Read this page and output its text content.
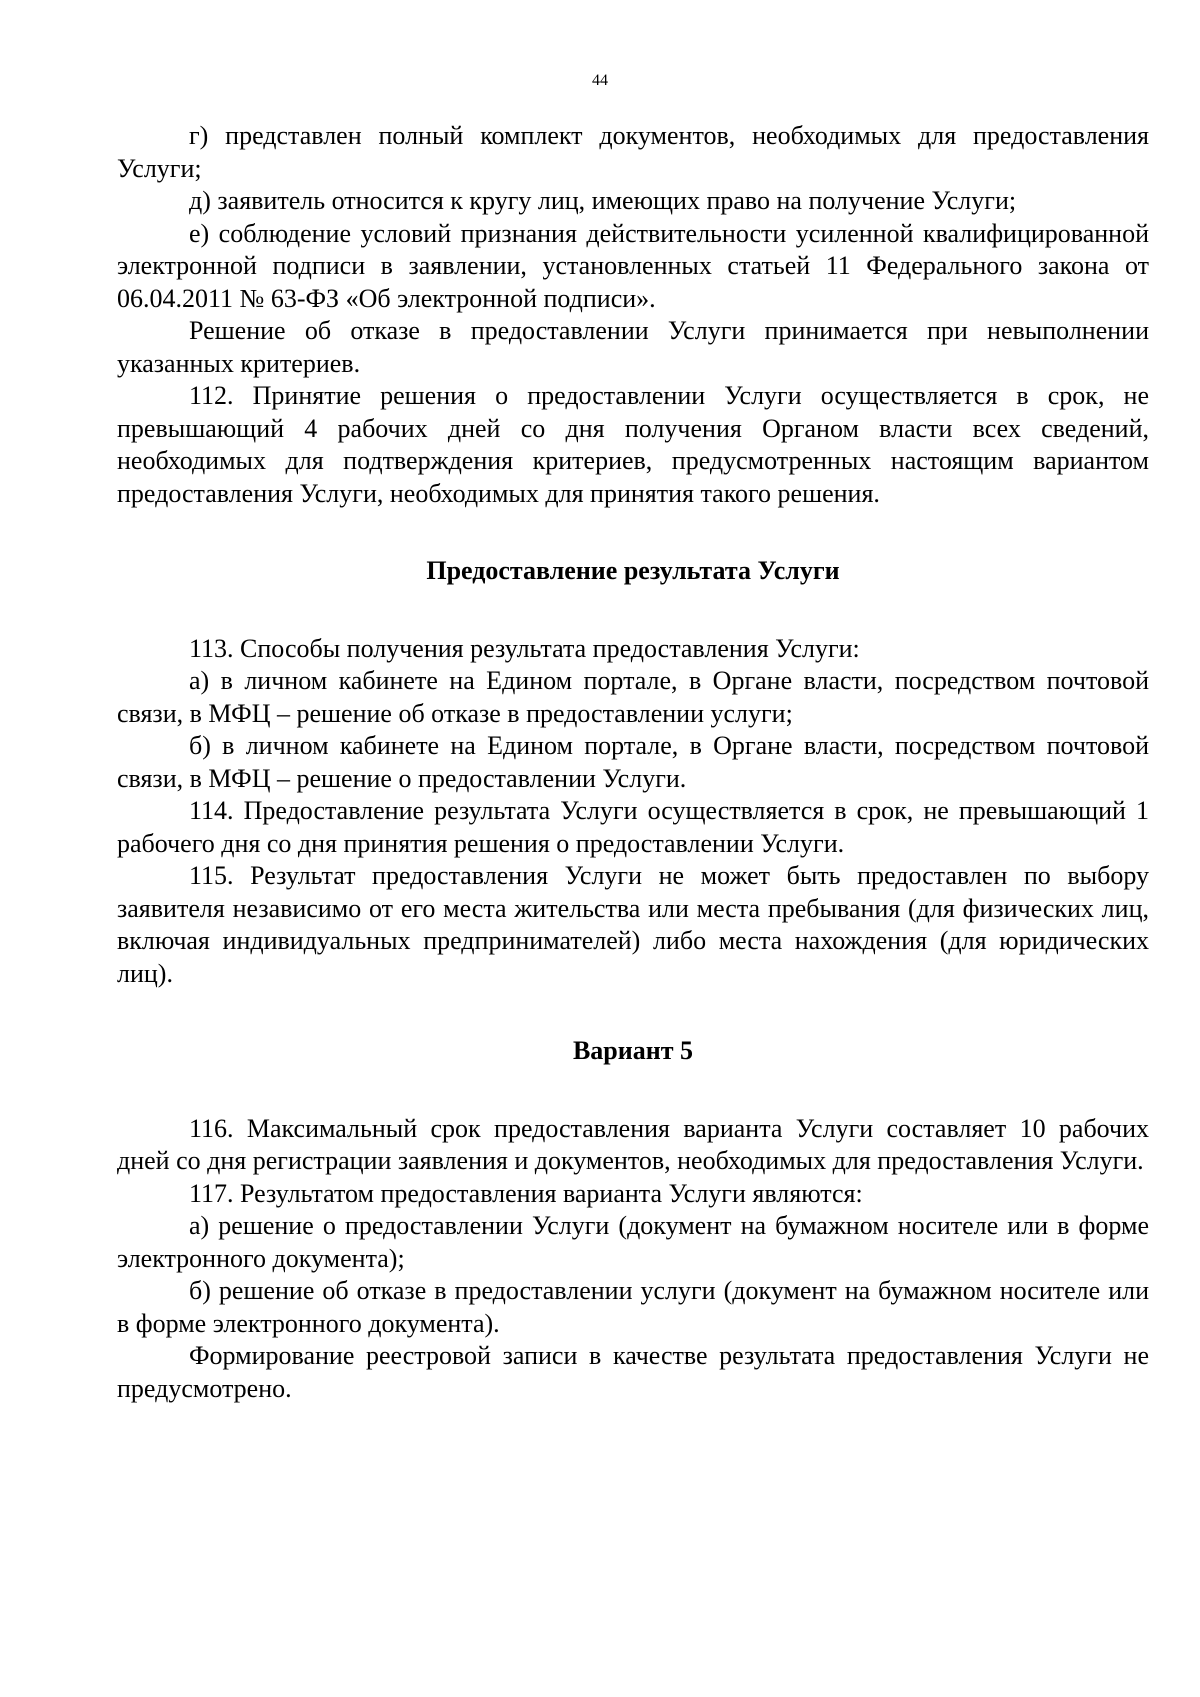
44

г) представлен полный комплект документов, необходимых для предоставления Услуги;

д) заявитель относится к кругу лиц, имеющих право на получение Услуги;

е) соблюдение условий признания действительности усиленной квалифицированной электронной подписи в заявлении, установленных статьей 11 Федерального закона от 06.04.2011 № 63-ФЗ «Об электронной подписи».

Решение об отказе в предоставлении Услуги принимается при невыполнении указанных критериев.

112. Принятие решения о предоставлении Услуги осуществляется в срок, не превышающий 4 рабочих дней со дня получения Органом власти всех сведений, необходимых для подтверждения критериев, предусмотренных настоящим вариантом предоставления Услуги, необходимых для принятия такого решения.

Предоставление результата Услуги

113. Способы получения результата предоставления Услуги:

а) в личном кабинете на Едином портале, в Органе власти, посредством почтовой связи, в МФЦ – решение об отказе в предоставлении услуги;

б) в личном кабинете на Едином портале, в Органе власти, посредством почтовой связи, в МФЦ – решение о предоставлении Услуги.

114. Предоставление результата Услуги осуществляется в срок, не превышающий 1 рабочего дня со дня принятия решения о предоставлении Услуги.

115. Результат предоставления Услуги не может быть предоставлен по выбору заявителя независимо от его места жительства или места пребывания (для физических лиц, включая индивидуальных предпринимателей) либо места нахождения (для юридических лиц).

Вариант 5

116. Максимальный срок предоставления варианта Услуги составляет 10 рабочих дней со дня регистрации заявления и документов, необходимых для предоставления Услуги.

117. Результатом предоставления варианта Услуги являются:

а) решение о предоставлении Услуги (документ на бумажном носителе или в форме электронного документа);

б) решение об отказе в предоставлении услуги (документ на бумажном носителе или в форме электронного документа).

Формирование реестровой записи в качестве результата предоставления Услуги не предусмотрено.
